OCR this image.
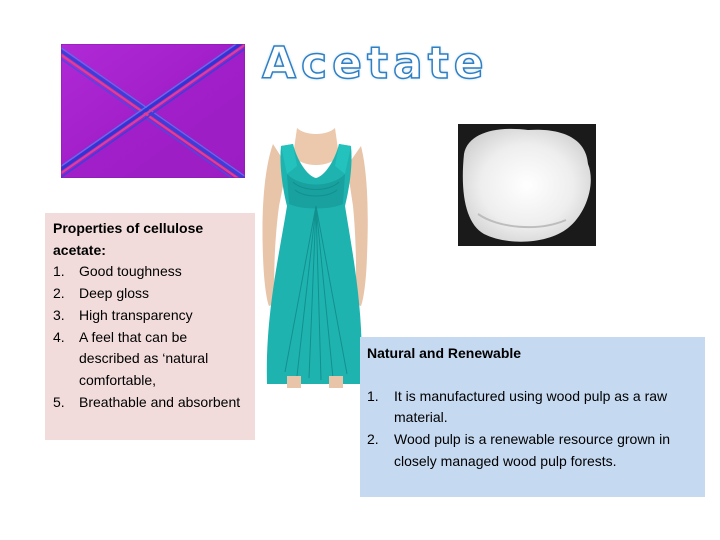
Acetate

Properties of cellulose
acetate:

1.	Good toughness
2.	Deep gloss
3.	High transparency
4.	A feel that can be described as ‘natural comfortable,
5.	Breathable and absorbent

Natural and Renewable

1.	It is manufactured using wood pulp as a raw material.
2.	Wood pulp is a renewable resource grown in closely managed wood pulp forests.
